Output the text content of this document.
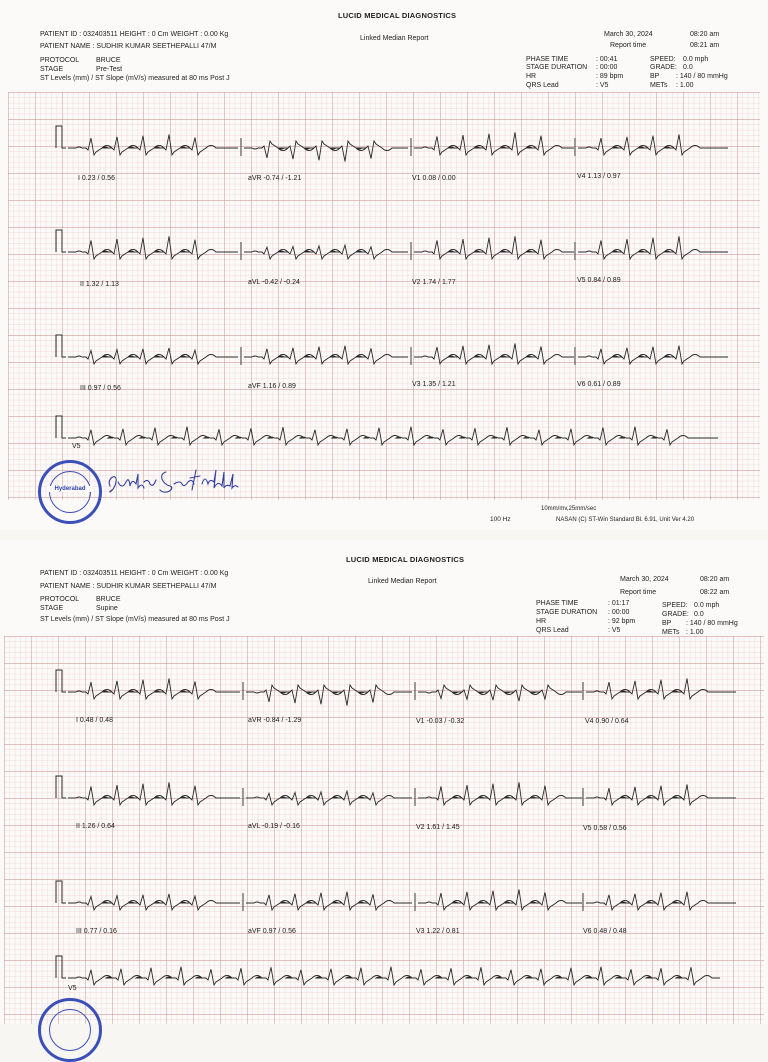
LUCID MEDICAL DIAGNOSTICS
Linked Median Report
PATIENT ID : 032403511 HEIGHT : 0 Cm WEIGHT : 0.00 Kg
PATIENT NAME : SUDHIR KUMAR SEETHEPALLI 47/M
PROTOCOL BRUCE
STAGE	Pre-Test
ST Levels (mm) / ST Slope (mV/s) measured at 80 ms Post J
March 30, 2024	08:20 am
Report time	08:21 am
PHASE TIME	: 00:41
STAGE DURATION : 00:00
HR	: 89 bpm
QRS Lead	: V5
SPEED: 0.0 mph
GRADE: 0.0
BP : 140 / 80 mmHg
METs : 1.00
I 0.23 / 0.56	aVR -0.74 / -1.21	V1 0.08 / 0.00	V4 1.13 / 0.97
II 1.32 / 1.13	aVL -0.42 / -0.24	V2 1.74 / 1.77	V5 0.84 / 0.89
III 0.97 / 0.56	aVF 1.16 / 0.89	V3 1.35 / 1.21	V6 0.61 / 0.89
V5
Hyderabad
10mm/mv,25mm/sec
100 Hz	NASAN (C) ST-Win Standard Bl. 6.91, Unit Ver 4.20
LUCID MEDICAL DIAGNOSTICS
Linked Median Report
PATIENT ID : 032403511 HEIGHT : 0 Cm WEIGHT : 0.00 Kg
PATIENT NAME : SUDHIR KUMAR SEETHEPALLI 47/M
PROTOCOL BRUCE
STAGE	Supine
ST Levels (mm) / ST Slope (mV/s) measured at 80 ms Post J
March 30, 2024	08:20 am
Report time	08:22 am
PHASE TIME	: 01:17
STAGE DURATION : 00:00
HR	: 92 bpm
QRS Lead	: V5
SPEED: 0.0 mph
GRADE: 0.0
BP : 140 / 80 mmHg
METs : 1.00
I 0.48 / 0.48	aVR -0.84 / -1.29	V1 -0.03 / -0.32	V4 0.90 / 0.64
II 1.26 / 0.64	aVL -0.19 / -0.16	V2 1.61 / 1.45	V5 0.58 / 0.56
III 0.77 / 0.16	aVF 0.97 / 0.56	V3 1.22 / 0.81	V6 0.48 / 0.48
V5
